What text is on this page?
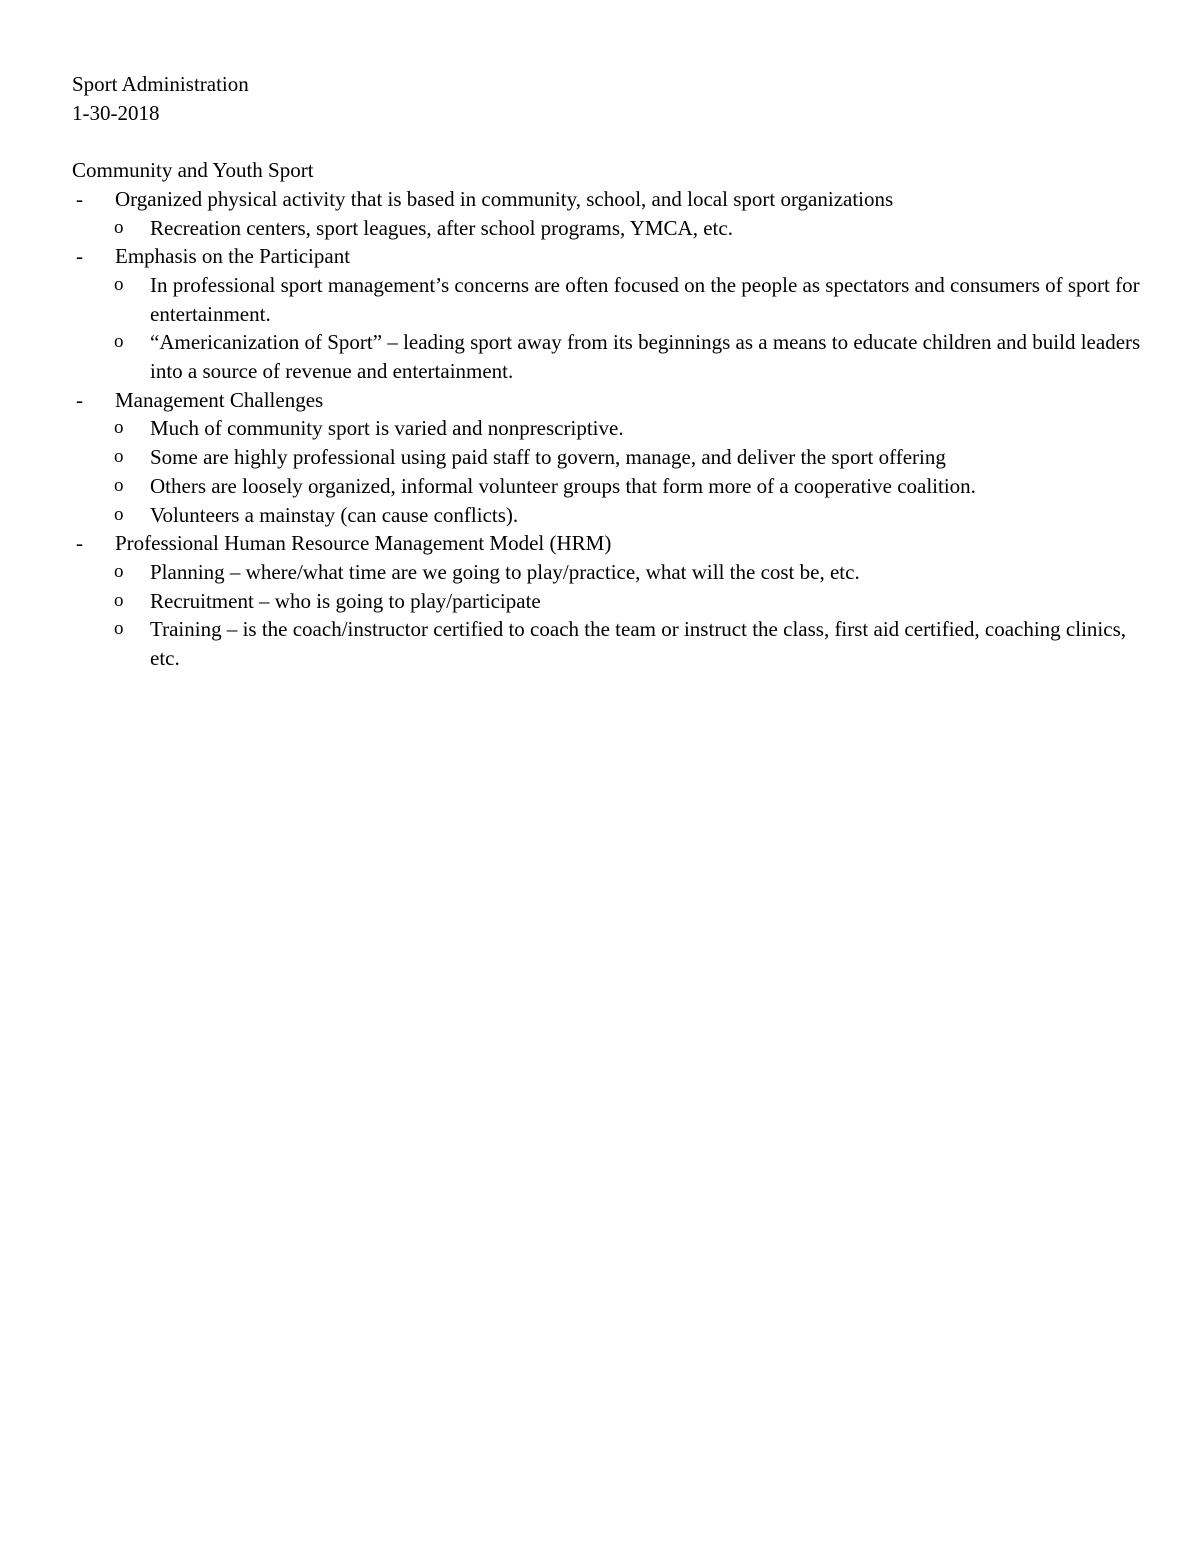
Sport Administration
1-30-2018
Community and Youth Sport
- Organized physical activity that is based in community, school, and local sport organizations
o Recreation centers, sport leagues, after school programs, YMCA, etc.
- Emphasis on the Participant
o In professional sport management’s concerns are often focused on the people as spectators and consumers of sport for entertainment.
o “Americanization of Sport” – leading sport away from its beginnings as a means to educate children and build leaders into a source of revenue and entertainment.
- Management Challenges
o Much of community sport is varied and nonprescriptive.
o Some are highly professional using paid staff to govern, manage, and deliver the sport offering
o Others are loosely organized, informal volunteer groups that form more of a cooperative coalition.
o Volunteers a mainstay (can cause conflicts).
- Professional Human Resource Management Model (HRM)
o Planning – where/what time are we going to play/practice, what will the cost be, etc.
o Recruitment – who is going to play/participate
o Training – is the coach/instructor certified to coach the team or instruct the class, first aid certified, coaching clinics, etc.
